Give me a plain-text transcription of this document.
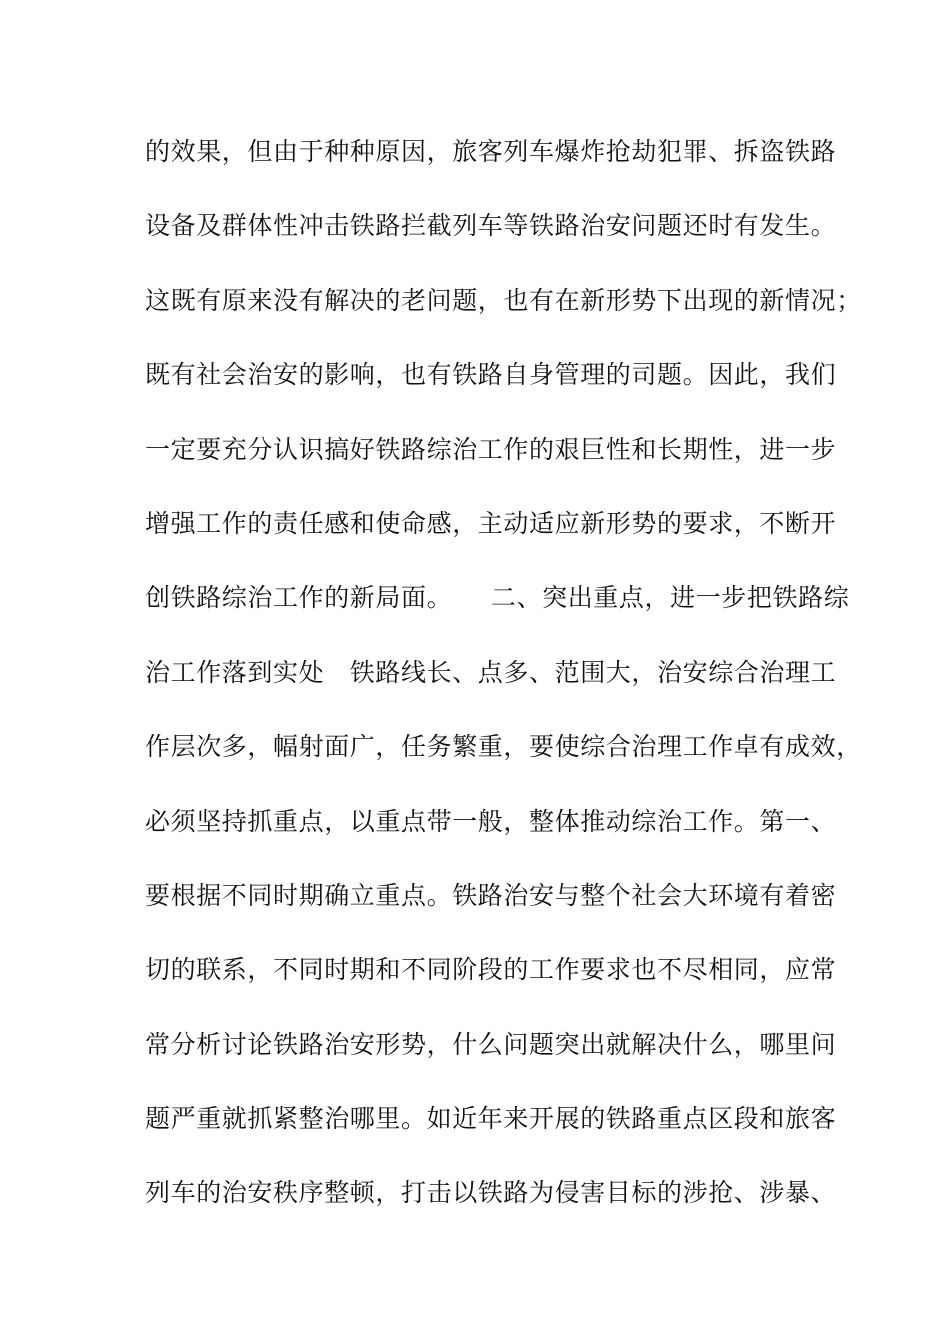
的效果，但由于种种原因，旅客列车爆炸抢劫犯罪、拆盗铁路
设备及群体性冲击铁路拦截列车等铁路治安问题还时有发生。
这既有原来没有解决的老问题，也有在新形势下出现的新情况；
既有社会治安的影响，也有铁路自身管理的司题。因此，我们
一定要充分认识搞好铁路综治工作的艰巨性和长期性，进一步
增强工作的责任感和使命感，主动适应新形势的要求，不断开
创铁路综治工作的新局面。　　二、突出重点，进一步把铁路综
治工作落到实处　铁路线长、点多、范围大，治安综合治理工
作层次多，幅射面广，任务繁重，要使综合治理工作卓有成效，
必须坚持抓重点，以重点带一般，整体推动综治工作。第一、
要根据不同时期确立重点。铁路治安与整个社会大环境有着密
切的联系，不同时期和不同阶段的工作要求也不尽相同，应常
常分析讨论铁路治安形势，什么问题突出就解决什么，哪里问
题严重就抓紧整治哪里。如近年来开展的铁路重点区段和旅客
列车的治安秩序整顿，打击以铁路为侵害目标的涉抢、涉暴、
